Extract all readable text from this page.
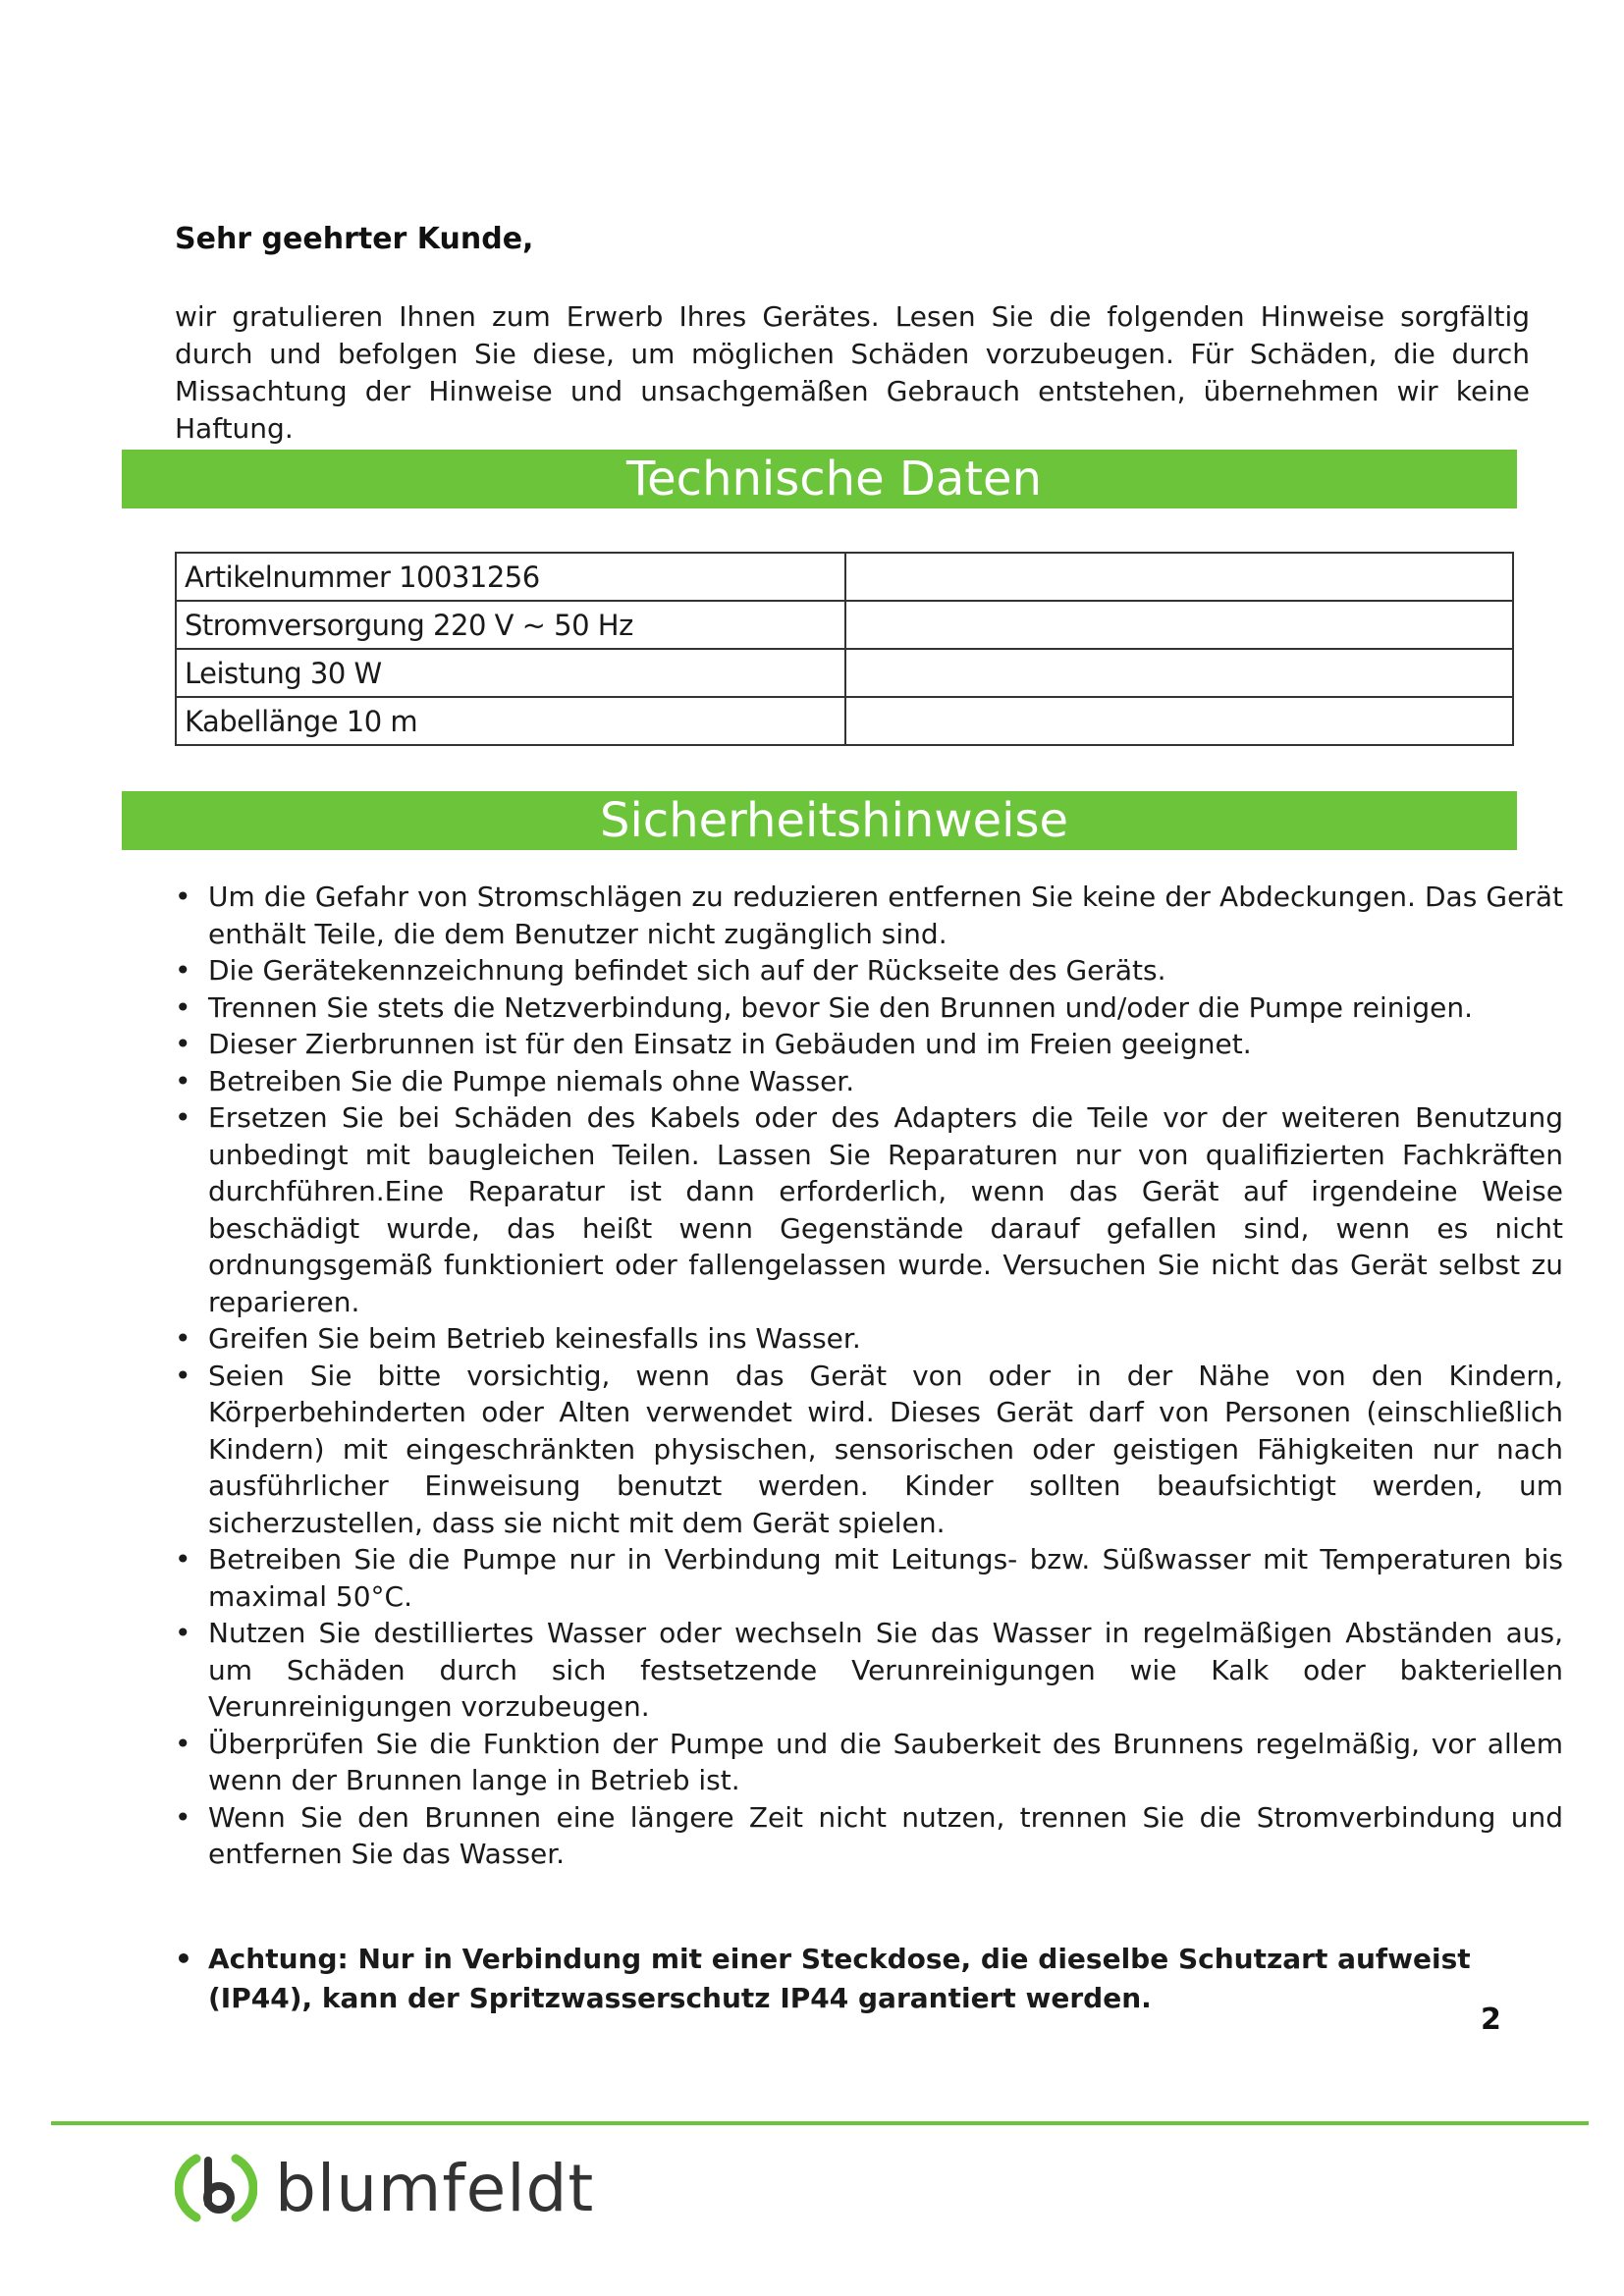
Sehr geehrter Kunde,
wir gratulieren Ihnen zum Erwerb Ihres Gerätes. Lesen Sie die folgenden Hinweise sorgfältig durch und befolgen Sie diese, um möglichen Schäden vorzubeugen. Für Schäden, die durch Missachtung der Hinweise und unsachgemäßen Gebrauch entstehen, übernehmen wir keine Haftung.
Technische Daten
Artikelnummer 10031256	
Stromversorgung 220 V ~ 50 Hz	
Leistung 30 W	
Kabellänge 10 m	
Sicherheitshinweise
• Um die Gefahr von Stromschlägen zu reduzieren entfernen Sie keine der Abdeckungen. Das Gerät enthält Teile, die dem Benutzer nicht zugänglich sind.
• Die Gerätekennzeichnung befindet sich auf der Rückseite des Geräts.
• Trennen Sie stets die Netzverbindung, bevor Sie den Brunnen und/oder die Pumpe reinigen.
• Dieser Zierbrunnen ist für den Einsatz in Gebäuden und im Freien geeignet.
• Betreiben Sie die Pumpe niemals ohne Wasser.
• Ersetzen Sie bei Schäden des Kabels oder des Adapters die Teile vor der weiteren Benutzung unbedingt mit baugleichen Teilen. Lassen Sie Reparaturen nur von qualifizierten Fachkräften durchführen.Eine Reparatur ist dann erforderlich, wenn das Gerät auf irgendeine Weise beschädigt wurde, das heißt wenn Gegenstände darauf gefallen sind, wenn es nicht ordnungsgemäß funktioniert oder fallengelassen wurde. Versuchen Sie nicht das Gerät selbst zu reparieren.
• Greifen Sie beim Betrieb keinesfalls ins Wasser.
• Seien Sie bitte vorsichtig, wenn das Gerät von oder in der Nähe von den Kindern, Körperbehinderten oder Alten verwendet wird. Dieses Gerät darf von Personen (einschließlich Kindern) mit eingeschränkten physischen, sensorischen oder geistigen Fähigkeiten nur nach ausführlicher Einweisung benutzt werden. Kinder sollten beaufsichtigt werden, um sicherzustellen, dass sie nicht mit dem Gerät spielen.
• Betreiben Sie die Pumpe nur in Verbindung mit Leitungs- bzw. Süßwasser mit Temperaturen bis maximal 50°C.
• Nutzen Sie destilliertes Wasser oder wechseln Sie das Wasser in regelmäßigen Abständen aus, um Schäden durch sich festsetzende Verunreinigungen wie Kalk oder bakteriellen Verunreinigungen vorzubeugen.
• Überprüfen Sie die Funktion der Pumpe und die Sauberkeit des Brunnens regelmäßig, vor allem wenn der Brunnen lange in Betrieb ist.
• Wenn Sie den Brunnen eine längere Zeit nicht nutzen, trennen Sie die Stromverbindung und entfernen Sie das Wasser.
• Achtung: Nur in Verbindung mit einer Steckdose, die dieselbe Schutzart aufweist (IP44), kann der Spritzwasserschutz IP44 garantiert werden.
2
blumfeldt
